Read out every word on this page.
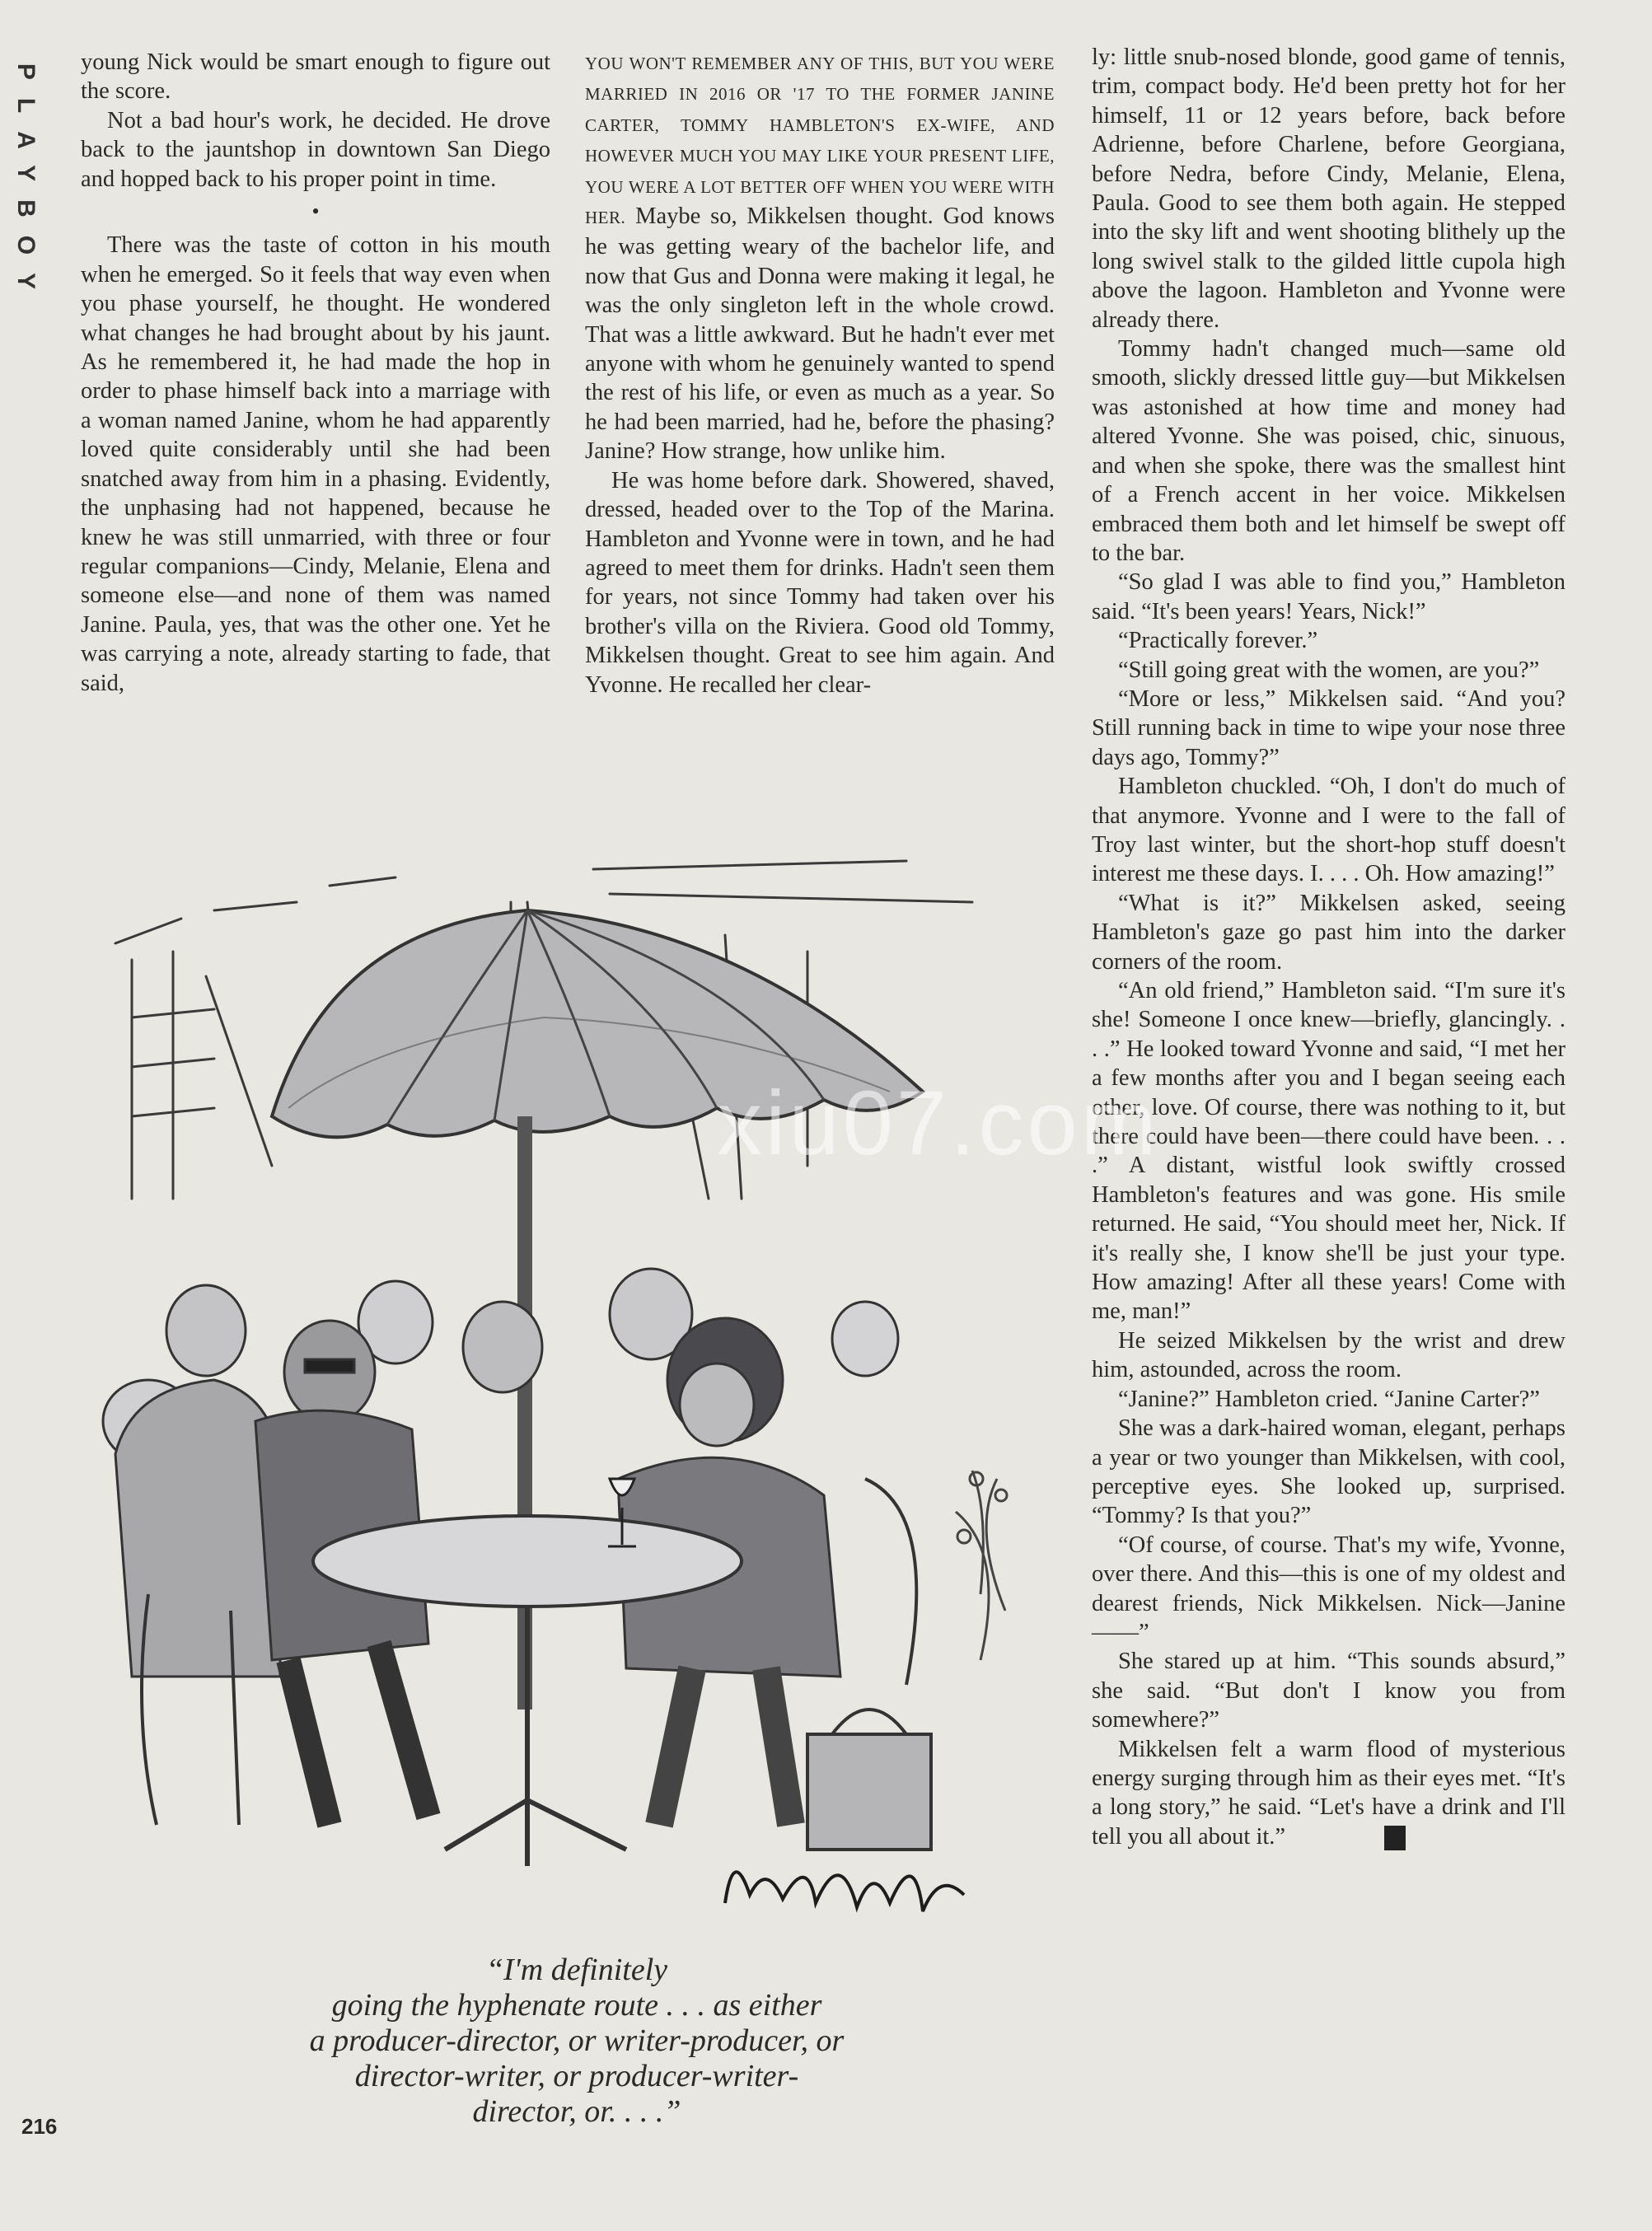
PLAYBOY

young Nick would be smart enough to figure out the score.

Not a bad hour's work, he decided. He drove back to the jauntshop in downtown San Diego and hopped back to his proper point in time.

•

There was the taste of cotton in his mouth when he emerged. So it feels that way even when you phase yourself, he thought. He wondered what changes he had brought about by his jaunt. As he remembered it, he had made the hop in order to phase himself back into a marriage with a woman named Janine, whom he had apparently loved quite considerably until she had been snatched away from him in a phasing. Evidently, the unphasing had not happened, because he knew he was still unmarried, with three or four regular companions—Cindy, Melanie, Elena and someone else—and none of them was named Janine. Paula, yes, that was the other one. Yet he was carrying a note, already starting to fade, that said,

YOU WON'T REMEMBER ANY OF THIS, BUT YOU WERE MARRIED IN 2016 OR '17 TO THE FORMER JANINE CARTER, TOMMY HAMBLETON'S EX-WIFE, AND HOWEVER MUCH YOU MAY LIKE YOUR PRESENT LIFE, YOU WERE A LOT BETTER OFF WHEN YOU WERE WITH HER. Maybe so, Mikkelsen thought. God knows he was getting weary of the bachelor life, and now that Gus and Donna were making it legal, he was the only singleton left in the whole crowd. That was a little awkward. But he hadn't ever met anyone with whom he genuinely wanted to spend the rest of his life, or even as much as a year. So he had been married, had he, before the phasing? Janine? How strange, how unlike him.

He was home before dark. Showered, shaved, dressed, headed over to the Top of the Marina. Hambleton and Yvonne were in town, and he had agreed to meet them for drinks. Hadn't seen them for years, not since Tommy had taken over his brother's villa on the Riviera. Good old Tommy, Mikkelsen thought. Great to see him again. And Yvonne. He recalled her clear-

ly: little snub-nosed blonde, good game of tennis, trim, compact body. He'd been pretty hot for her himself, 11 or 12 years before, back before Adrienne, before Charlene, before Georgiana, before Nedra, before Cindy, Melanie, Elena, Paula. Good to see them both again. He stepped into the sky lift and went shooting blithely up the long swivel stalk to the gilded little cupola high above the lagoon. Hambleton and Yvonne were already there.

Tommy hadn't changed much—same old smooth, slickly dressed little guy—but Mikkelsen was astonished at how time and money had altered Yvonne. She was poised, chic, sinuous, and when she spoke, there was the smallest hint of a French accent in her voice. Mikkelsen embraced them both and let himself be swept off to the bar.

“So glad I was able to find you,” Hambleton said. “It's been years! Years, Nick!”

“Practically forever.”

“Still going great with the women, are you?”

“More or less,” Mikkelsen said. “And you? Still running back in time to wipe your nose three days ago, Tommy?”

Hambleton chuckled. “Oh, I don't do much of that anymore. Yvonne and I were to the fall of Troy last winter, but the short-hop stuff doesn't interest me these days. I. . . . Oh. How amazing!”

“What is it?” Mikkelsen asked, seeing Hambleton's gaze go past him into the darker corners of the room.

“An old friend,” Hambleton said. “I'm sure it's she! Someone I once knew—briefly, glancingly. . . .” He looked toward Yvonne and said, “I met her a few months after you and I began seeing each other, love. Of course, there was nothing to it, but there could have been—there could have been. . . .” A distant, wistful look swiftly crossed Hambleton's features and was gone. His smile returned. He said, “You should meet her, Nick. If it's really she, I know she'll be just your type. How amazing! After all these years! Come with me, man!”

He seized Mikkelsen by the wrist and drew him, astounded, across the room.

“Janine?” Hambleton cried. “Janine Carter?”

She was a dark-haired woman, elegant, perhaps a year or two younger than Mikkelsen, with cool, perceptive eyes. She looked up, surprised. “Tommy? Is that you?”

“Of course, of course. That's my wife, Yvonne, over there. And this—this is one of my oldest and dearest friends, Nick Mikkelsen. Nick—Janine——”

She stared up at him. “This sounds absurd,” she said. “But don't I know you from somewhere?”

Mikkelsen felt a warm flood of mysterious energy surging through him as their eyes met. “It's a long story,” he said. “Let's have a drink and I'll tell you all about it.”	♣

“I'm definitely
going the hyphenate route . . . as either
a producer-director, or writer-producer, or
director-writer, or producer-writer-
director, or. . . .”
216
xiu07.com
